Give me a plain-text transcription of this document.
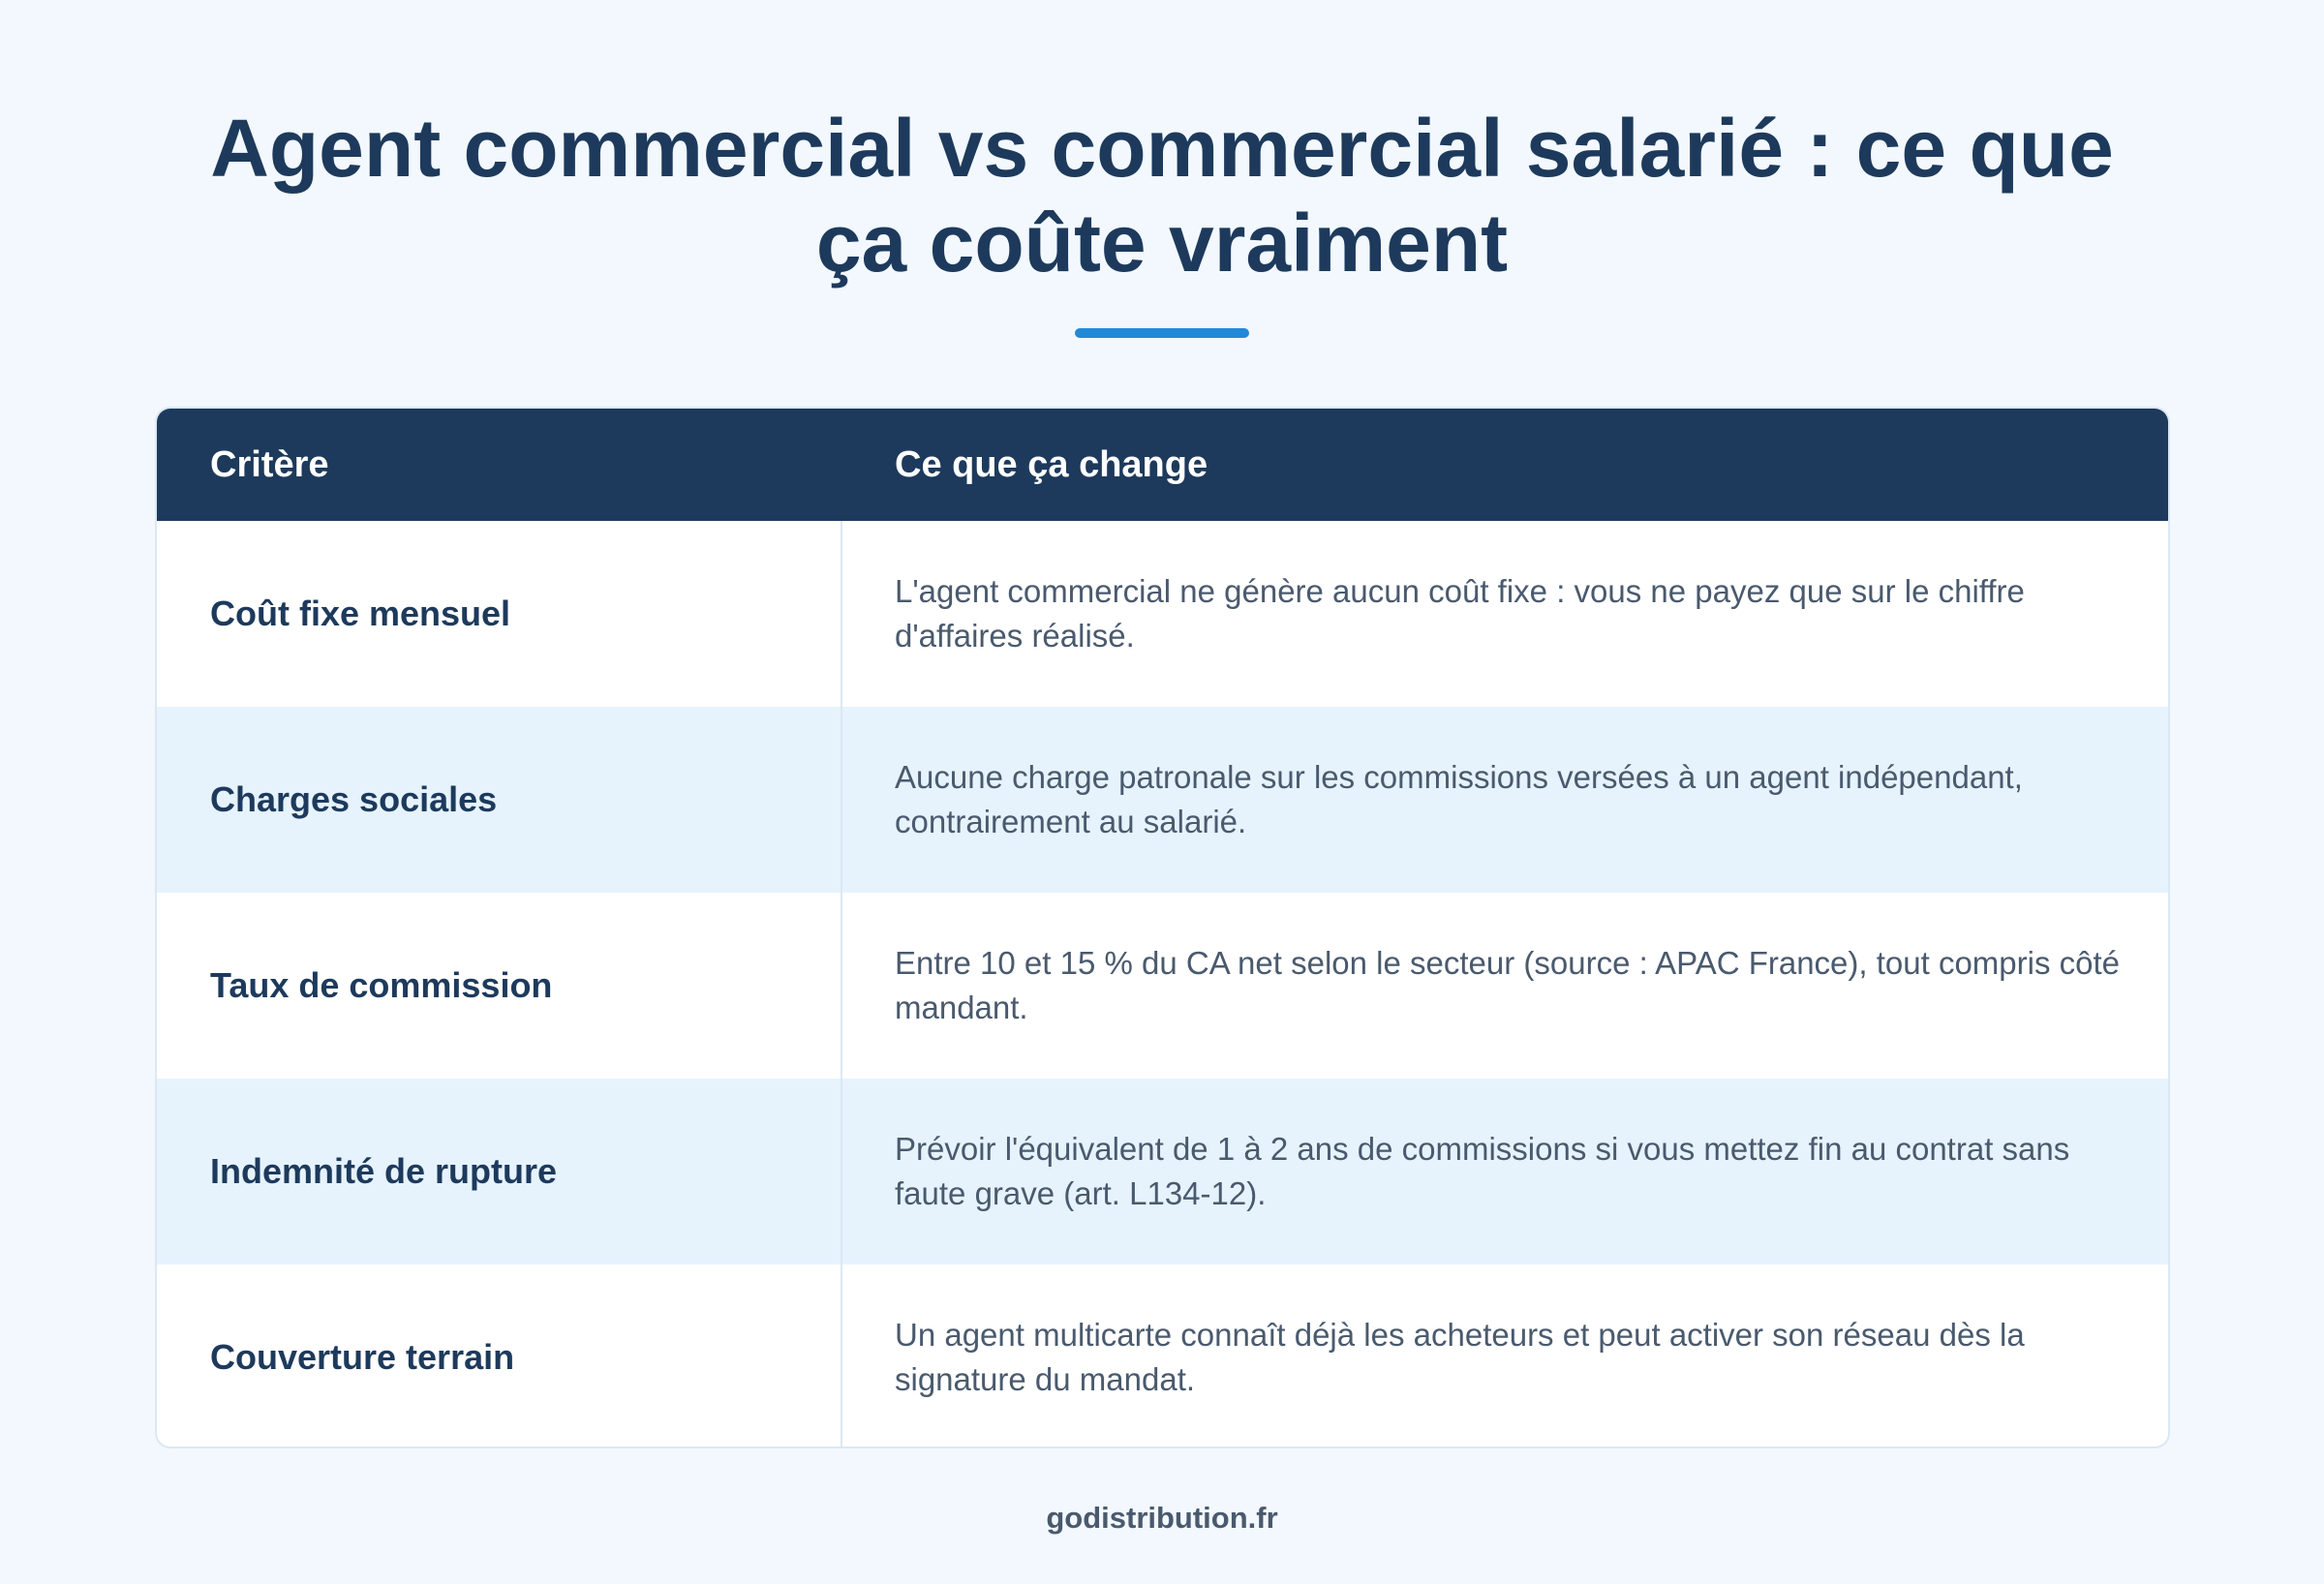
Agent commercial vs commercial salarié : ce que ça coûte vraiment
Critère	Ce que ça change
Coût fixe mensuel
L'agent commercial ne génère aucun coût fixe : vous ne payez que sur le chiffre d'affaires réalisé.
Charges sociales
Aucune charge patronale sur les commissions versées à un agent indépendant, contrairement au salarié.
Taux de commission
Entre 10 et 15 % du CA net selon le secteur (source : APAC France), tout compris côté mandant.
Indemnité de rupture
Prévoir l'équivalent de 1 à 2 ans de commissions si vous mettez fin au contrat sans faute grave (art. L134-12).
Couverture terrain
Un agent multicarte connaît déjà les acheteurs et peut activer son réseau dès la signature du mandat.
godistribution.fr
